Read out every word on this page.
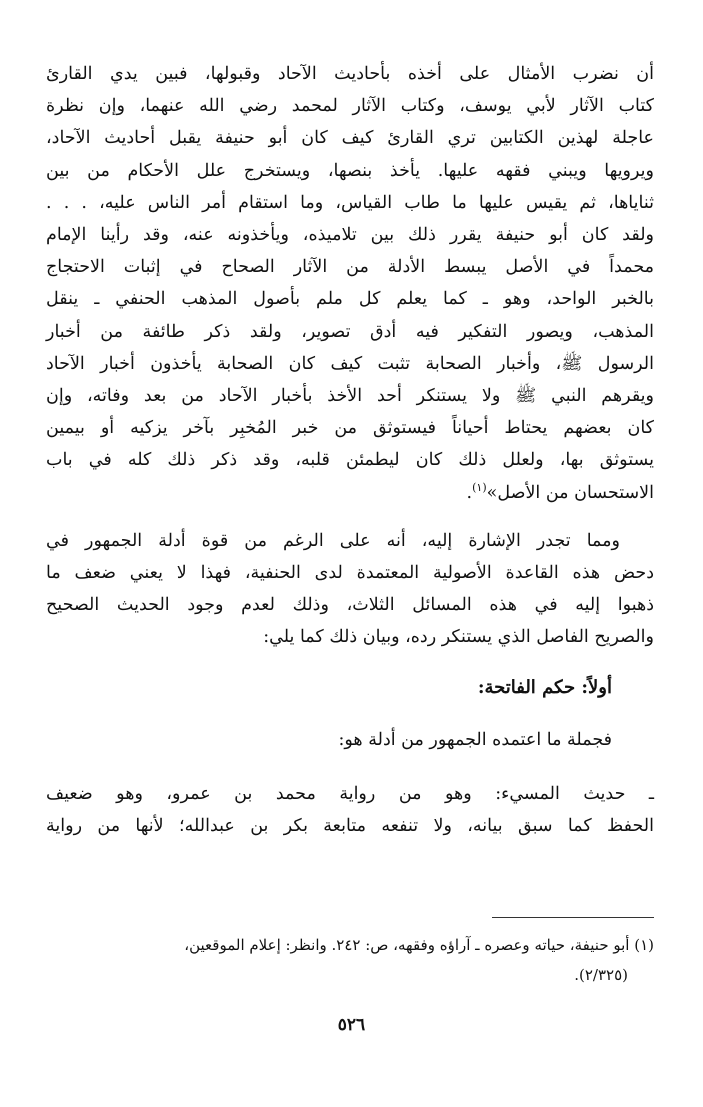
أن نضرب الأمثال على أخذه بأحاديث الآحاد وقبولها، فبين يدي القارئ
كتاب الآثار لأبي يوسف، وكتاب الآثار لمحمد رضي الله عنهما، وإن نظرة
عاجلة لهذين الكتابين تري القارئ كيف كان أبو حنيفة يقبل أحاديث الآحاد،
ويرويها ويبني فقهه عليها. يأخذ بنصها، ويستخرج علل الأحكام من بين
ثناياها، ثم يقيس عليها ما طاب القياس، وما استقام أمر الناس عليه، . . .
ولقد كان أبو حنيفة يقرر ذلك بين تلاميذه، ويأخذونه عنه، وقد رأينا الإمام
محمداً في الأصل يبسط الأدلة من الآثار الصحاح في إثبات الاحتجاج
بالخبر الواحد، وهو ـ كما يعلم كل ملم بأصول المذهب الحنفي ـ ينقل
المذهب، ويصور التفكير فيه أدق تصوير، ولقد ذكر طائفة من أخبار
الرسول ﷺ، وأخبار الصحابة تثبت كيف كان الصحابة يأخذون أخبار الآحاد
ويقرهم النبي ﷺ ولا يستنكر أحد الأخذ بأخبار الآحاد من بعد وفاته، وإن
كان بعضهم يحتاط أحياناً فيستوثق من خبر المُخبِر بآخر يزكيه أو بيمين
يستوثق بها، ولعلل ذلك كان ليطمئن قلبه، وقد ذكر ذلك كله في باب
الاستحسان من الأصل»$^{(١)}$.
ومما تجدر الإشارة إليه، أنه على الرغم من قوة أدلة الجمهور في
دحض هذه القاعدة الأصولية المعتمدة لدى الحنفية، فهذا لا يعني ضعف ما
ذهبوا إليه في هذه المسائل الثلاث، وذلك لعدم وجود الحديث الصحيح
والصريح الفاصل الذي يستنكر رده، وبيان ذلك كما يلي:
أولاً: حكم الفاتحة:
فجملة ما اعتمده الجمهور من أدلة هو:
ـ حديث المسيء: وهو من رواية محمد بن عمرو، وهو ضعيف
الحفظ كما سبق بيانه، ولا تنفعه متابعة بكر بن عبدالله؛ لأنها من رواية
(١) أبو حنيفة، حياته وعصره ـ آراؤه وفقهه، ص: ٢٤٢. وانظر: إعلام الموقعين،
(٢/٣٢٥).
٥٢٦
